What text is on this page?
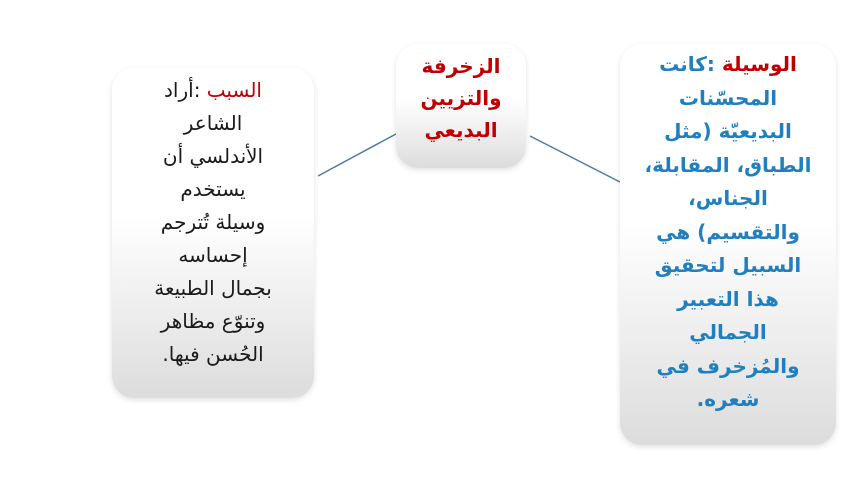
الزخرفة
والتزيين
البديعي
السبب :أراد
الشاعر
الأندلسي أن
يستخدم
وسيلة تُترجم
إحساسه
بجمال الطبيعة
وتنوّع مظاهر
الحُسن فيها.
الوسيلة :كانت
المحسّنات
البديعيّة (مثل
الطباق، المقابلة،
الجناس،
والتقسيم) هي
السبيل لتحقيق
هذا التعبير
الجمالي
والمُزخرف في
شعره.
